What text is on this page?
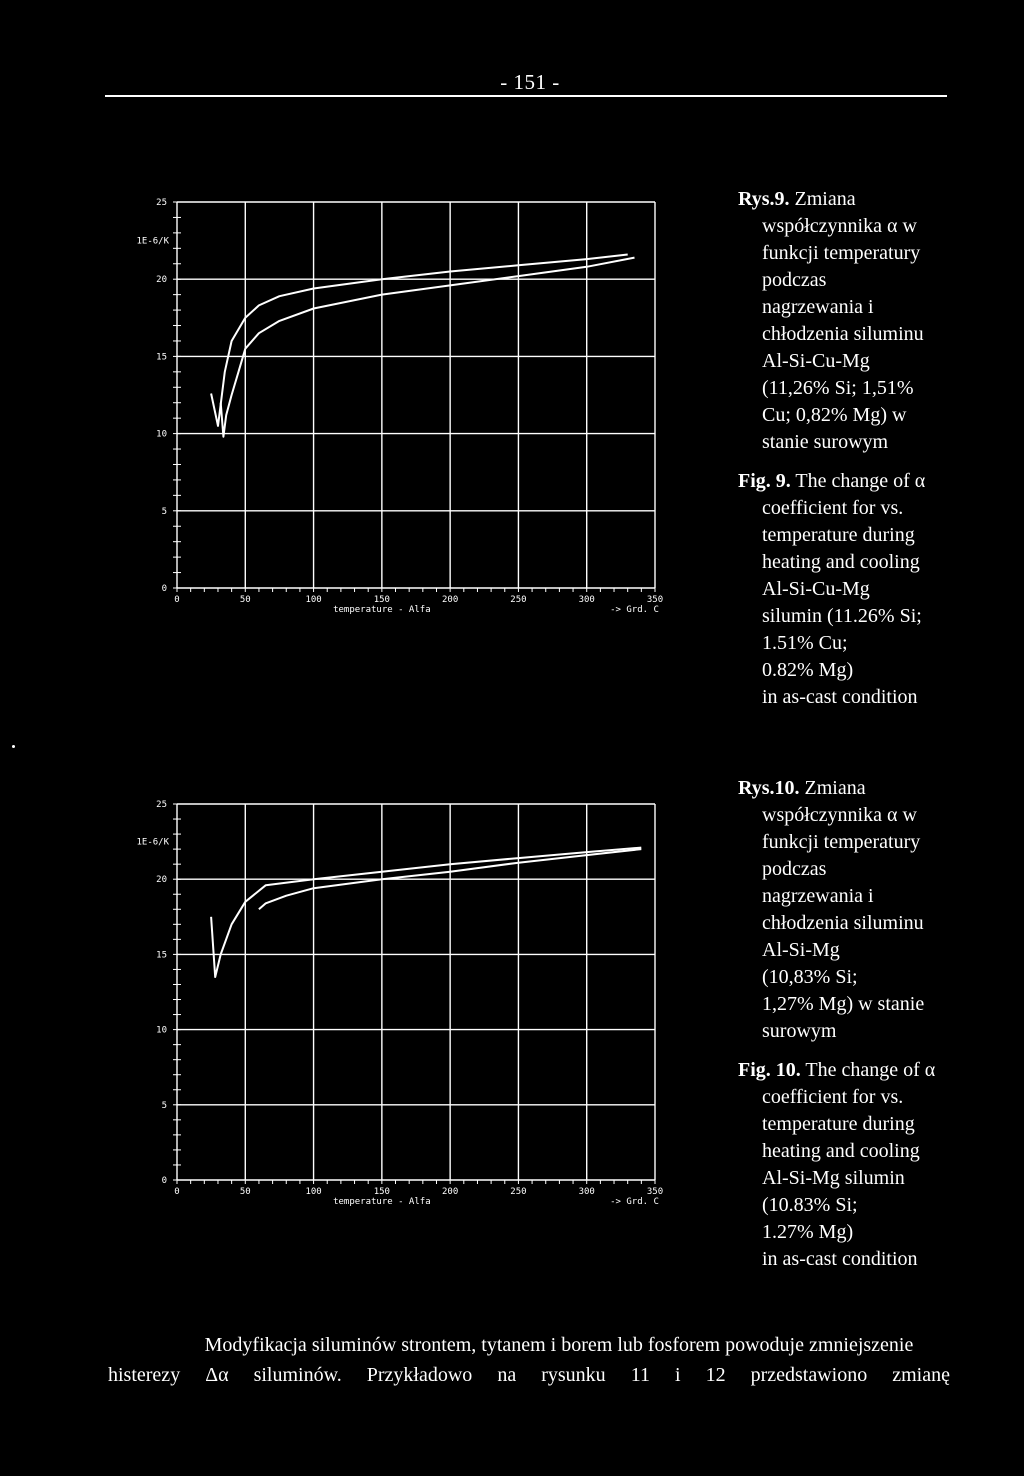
- 151 -
0	50	100	150	200	250	300	350
0
5
10
15
20
25
1E-6/K
temperature - Alfa	-> Grd. C
Rys.9. Zmiana
współczynnika α w
funkcji temperatury
podczas
nagrzewania i
chłodzenia siluminu
Al-Si-Cu-Mg
(11,26% Si; 1,51%
Cu; 0,82% Mg) w
stanie surowym
Fig. 9. The change of α
coefficient for vs.
temperature during
heating and cooling
Al-Si-Cu-Mg
silumin (11.26% Si;
1.51% Cu;
0.82% Mg)
in as-cast condition
0	50	100	150	200	250	300	350
0
5
10
15
20
25
1E-6/K
temperature - Alfa	-> Grd. C
Rys.10. Zmiana
współczynnika α w
funkcji temperatury
podczas
nagrzewania i
chłodzenia siluminu
Al-Si-Mg
(10,83% Si;
1,27% Mg) w stanie
surowym
Fig. 10. The change of α
coefficient for vs.
temperature during
heating and cooling
Al-Si-Mg silumin
(10.83% Si;
1.27% Mg)
in as-cast condition
Modyfikacja siluminów strontem, tytanem i borem lub fosforem powoduje zmniejszenie
histerezy Δα siluminów. Przykładowo na rysunku 11 i 12 przedstawiono zmianę
